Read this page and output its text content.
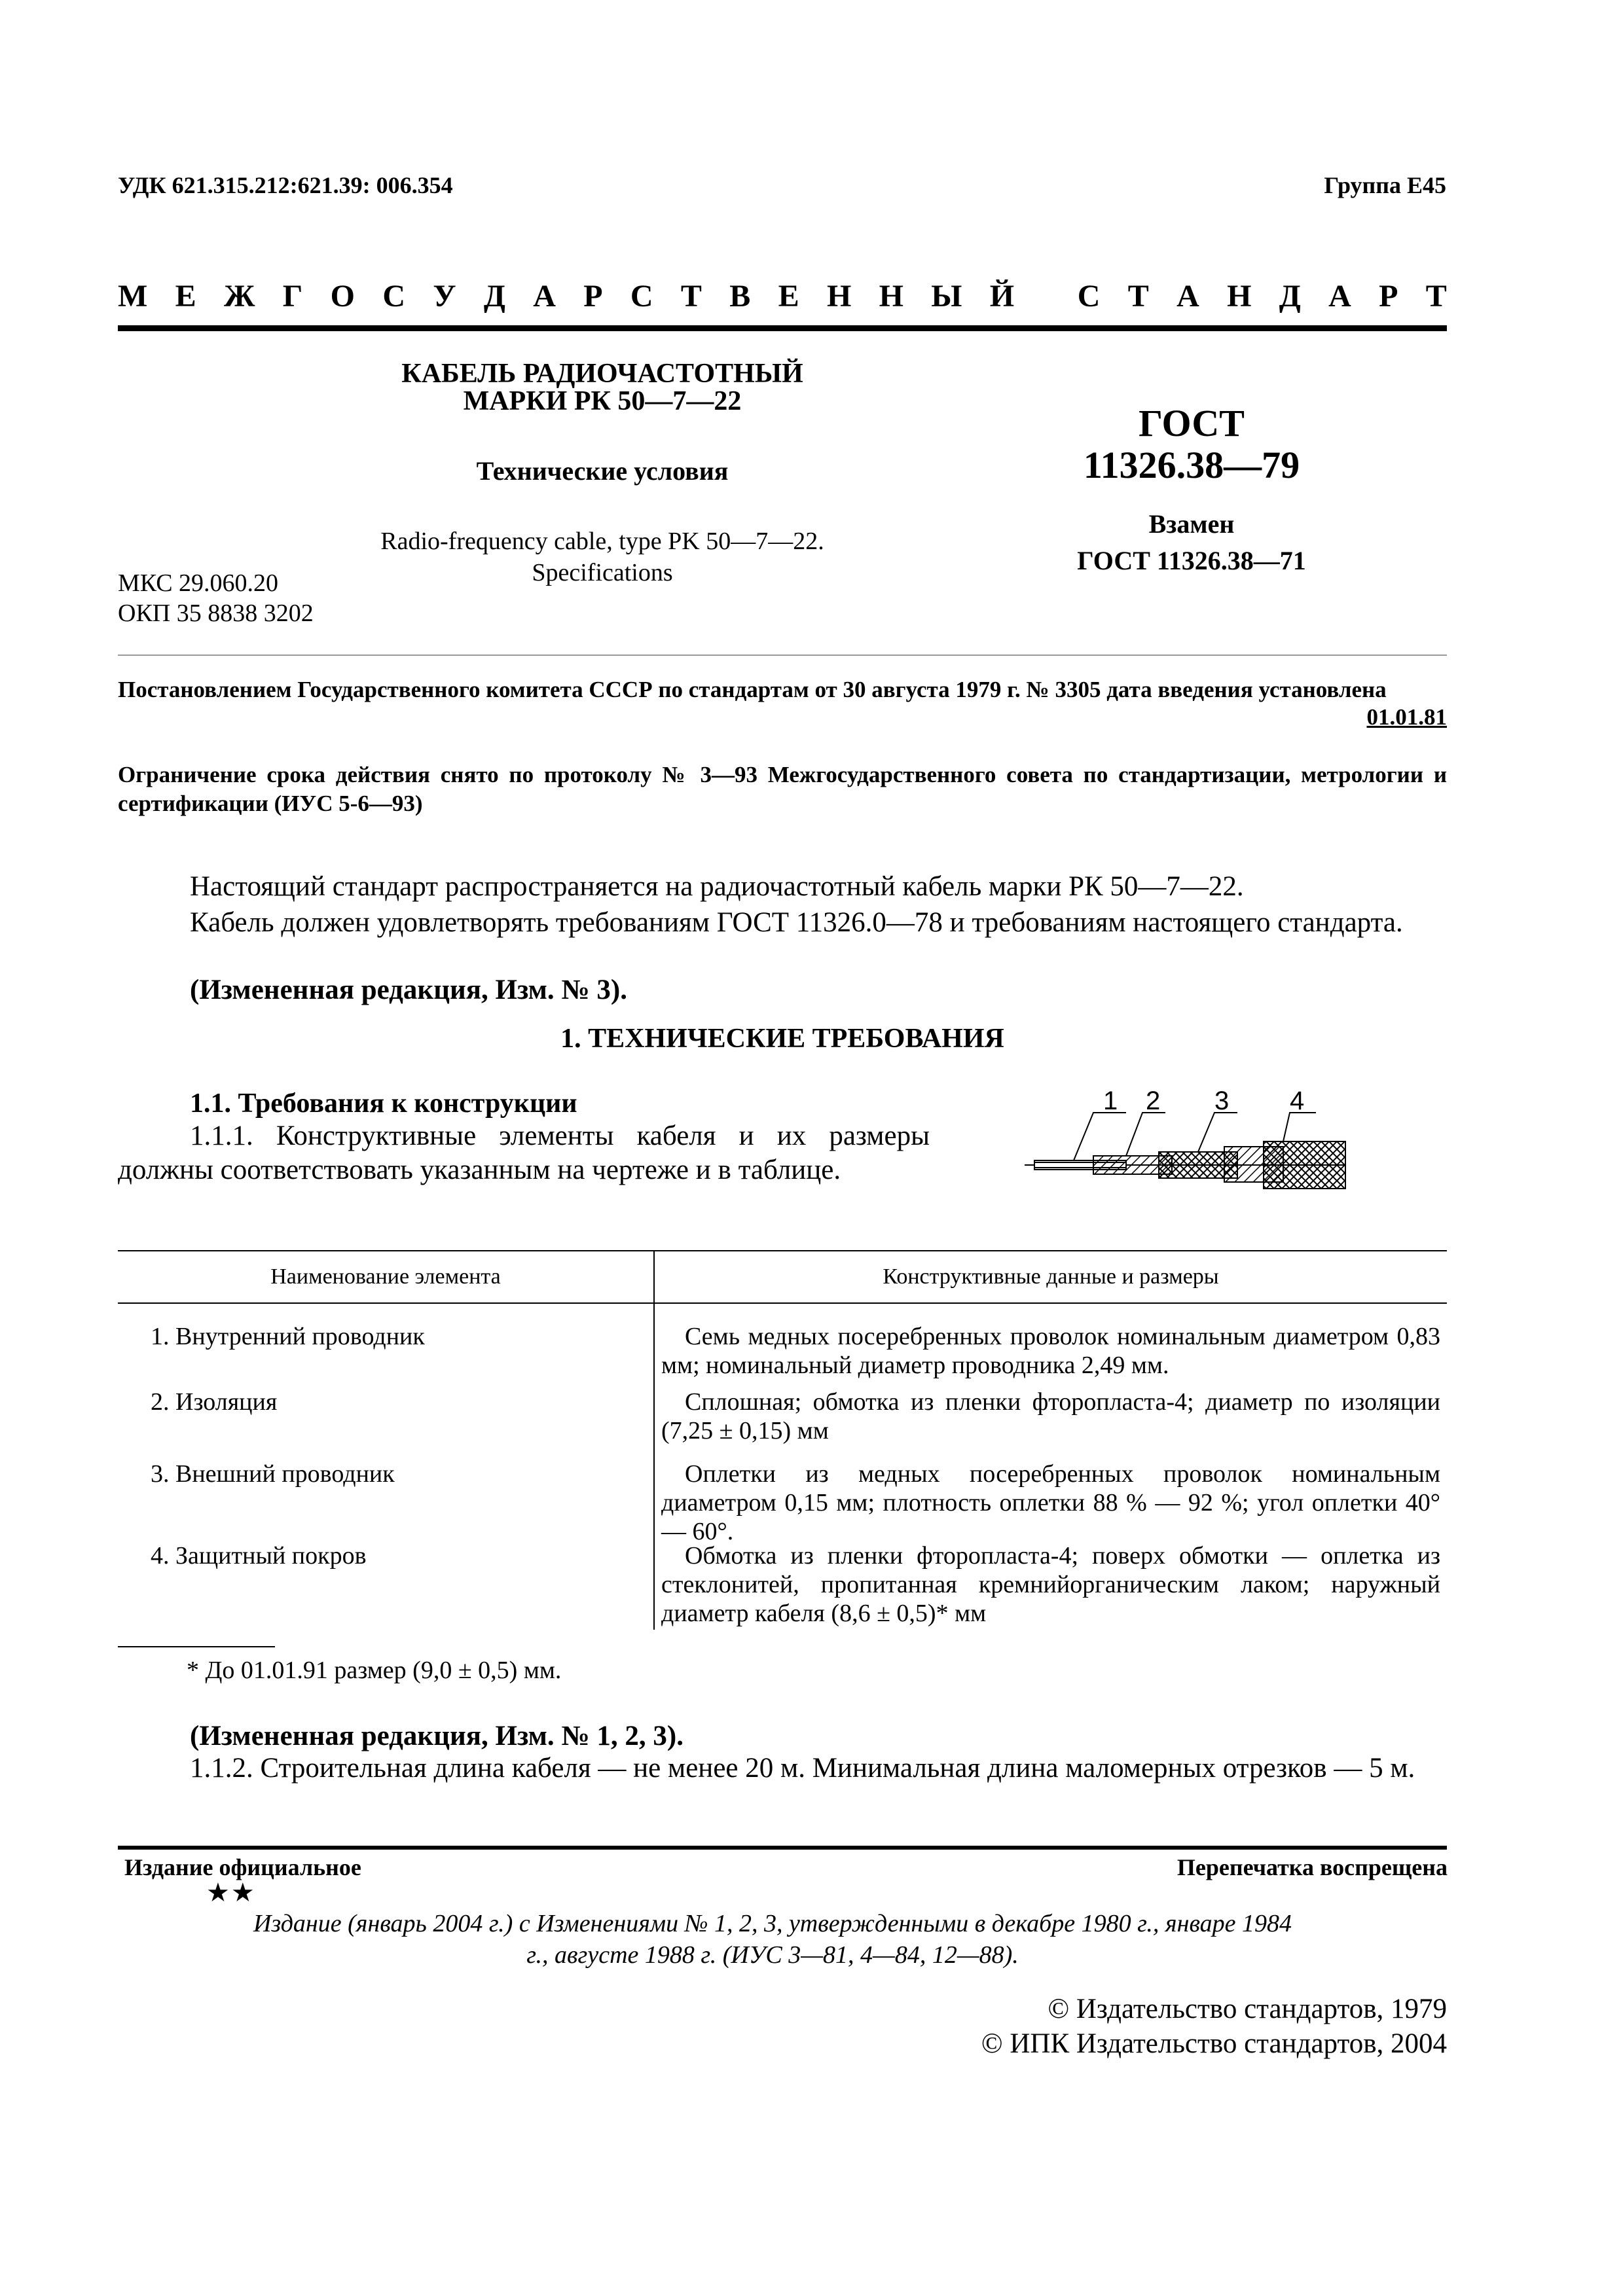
УДК 621.315.212:621.39: 006.354	Группа Е45
М Е Ж Г О С У Д А Р С Т В Е Н Н Ы Й
С Т А Н Д А Р Т
КАБЕЛЬ РАДИОЧАСТОТНЫЙ
МАРКИ РК 50—7—22
Технические условия
Radio-frequency cable, type PK 50—7—22.
Specifications
ГОСТ
11326.38—79
Взамен
ГОСТ 11326.38—71
МКС 29.060.20
ОКП 35 8838 3202
Постановлением Государственного комитета СССР по стандартам от 30 августа 1979 г. № 3305 дата введения установлена
01.01.81
Ограничение срока действия снято по протоколу № 3—93 Межгосударственного совета по стандартизации, метрологии и сертификации (ИУС 5-6—93)
Настоящий стандарт распространяется на радиочастотный кабель марки РК 50—7—22.
Кабель должен удовлетворять требованиям ГОСТ 11326.0—78 и требованиям настоящего стандарта.
(Измененная редакция, Изм. № 3).
1. ТЕХНИЧЕСКИЕ ТРЕБОВАНИЯ
1.1. Требования к конструкции
1.1.1. Конструктивные элементы кабеля и их размеры должны соответствовать указанным на чертеже и в таблице.
1 2 3 4
Наименование элемента	Конструктивные данные и размеры
1. Внутренний проводник	Семь медных посеребренных проволок номинальным диаметром 0,83 мм; номинальный диаметр проводника 2,49 мм.
2. Изоляция	Сплошная; обмотка из пленки фторопласта-4; диаметр по изоляции (7,25 ± 0,15) мм
3. Внешний проводник	Оплетки из медных посеребренных проволок номинальным диаметром 0,15 мм; плотность оплетки 88 % — 92 %; угол оплетки 40° — 60°.
4. Защитный покров	Обмотка из пленки фторопласта-4; поверх обмотки — оплетка из стеклонитей, пропитанная кремнийорганическим лаком; наружный диаметр кабеля (8,6 ± 0,5)* мм
* До 01.01.91 размер (9,0 ± 0,5) мм.
(Измененная редакция, Изм. № 1, 2, 3).
1.1.2. Строительная длина кабеля — не менее 20 м. Минимальная длина маломерных отрезков — 5 м.
Издание официальное
★★
Перепечатка воспрещена
Издание (январь 2004 г.) с Изменениями № 1, 2, 3, утвержденными в декабре 1980 г., январе 1984 г., августе 1988 г. (ИУС 3—81, 4—84, 12—88).
© Издательство стандартов, 1979
© ИПК Издательство стандартов, 2004
